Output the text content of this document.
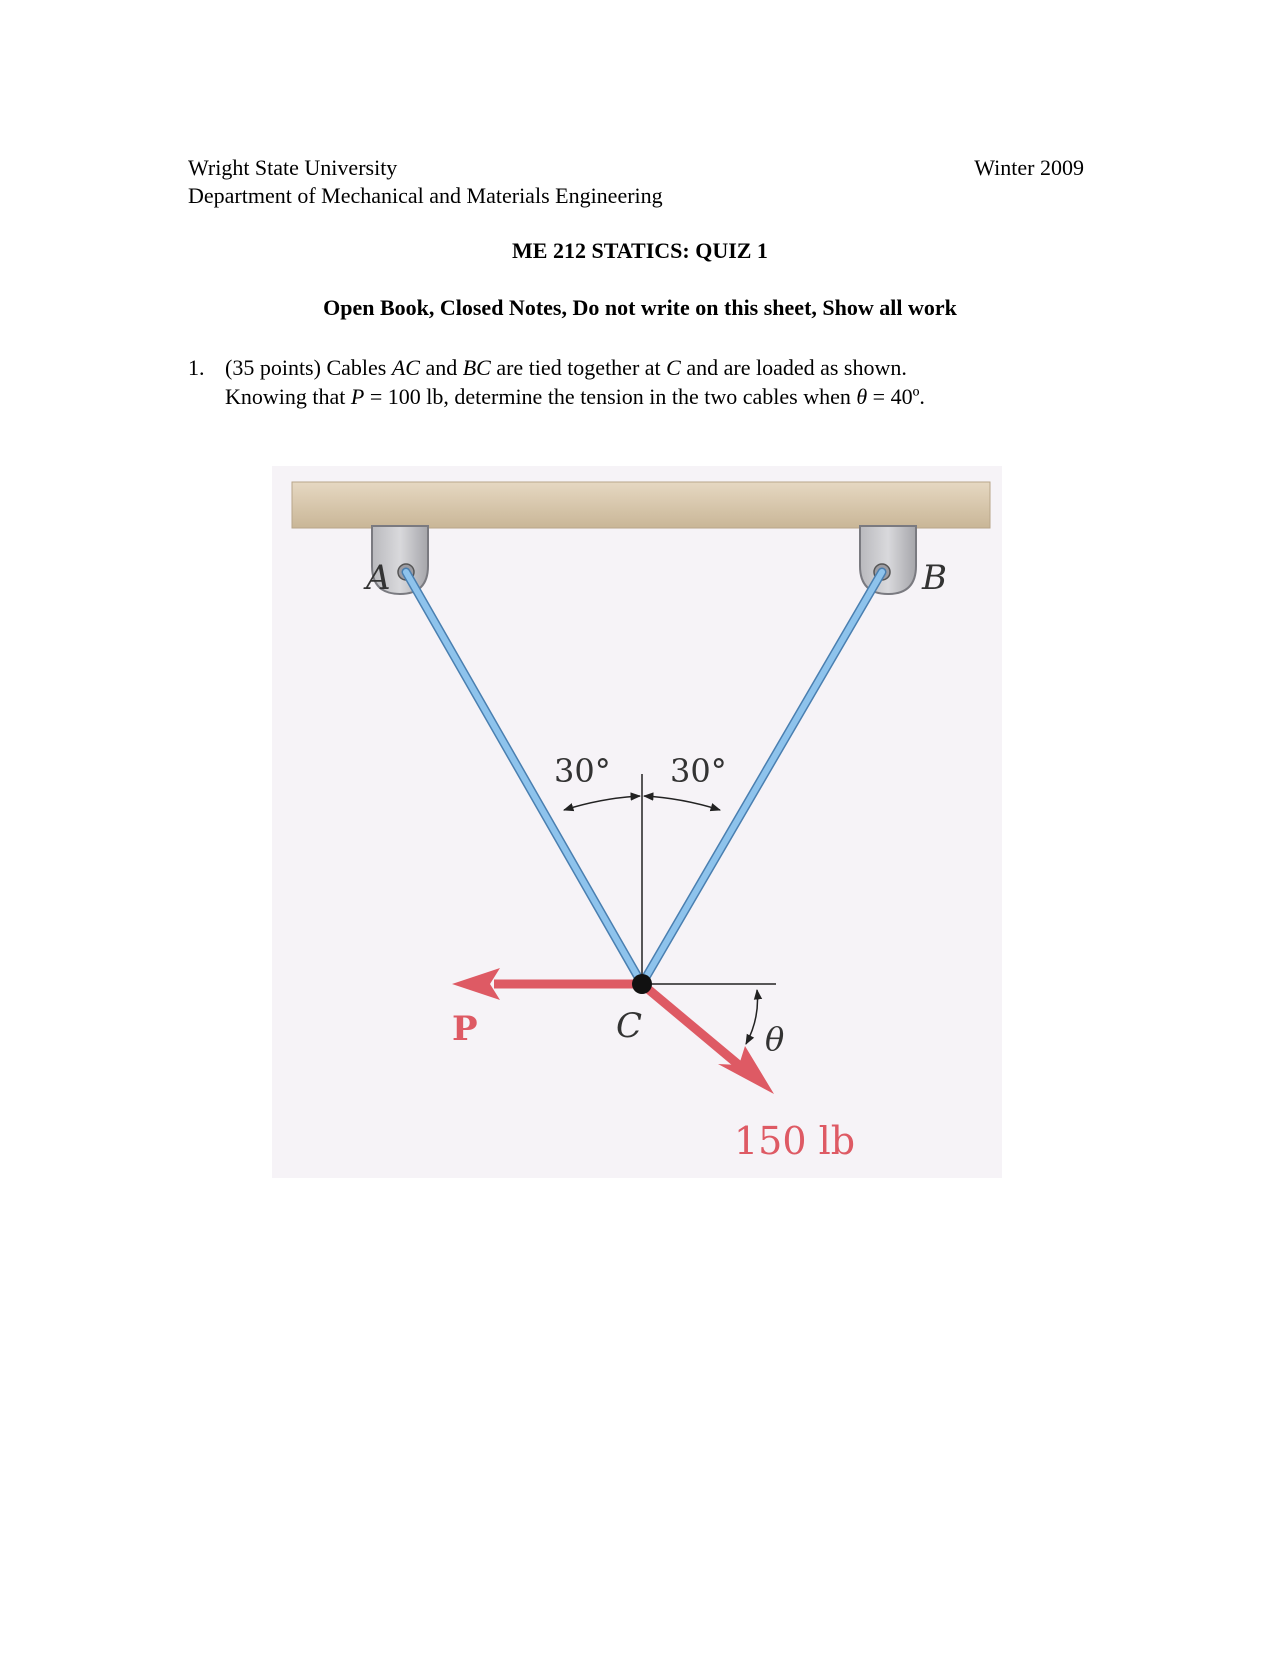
Wright State University
Department of Mechanical and Materials Engineering
Winter 2009
ME 212 STATICS: QUIZ 1
Open Book, Closed Notes, Do not write on this sheet, Show all work
1. (35 points) Cables AC and BC are tied together at C and are loaded as shown.
Knowing that P = 100 lb, determine the tension in the two cables when θ = 40º.
A	B
30° 30°
C
P	θ
150 lb
